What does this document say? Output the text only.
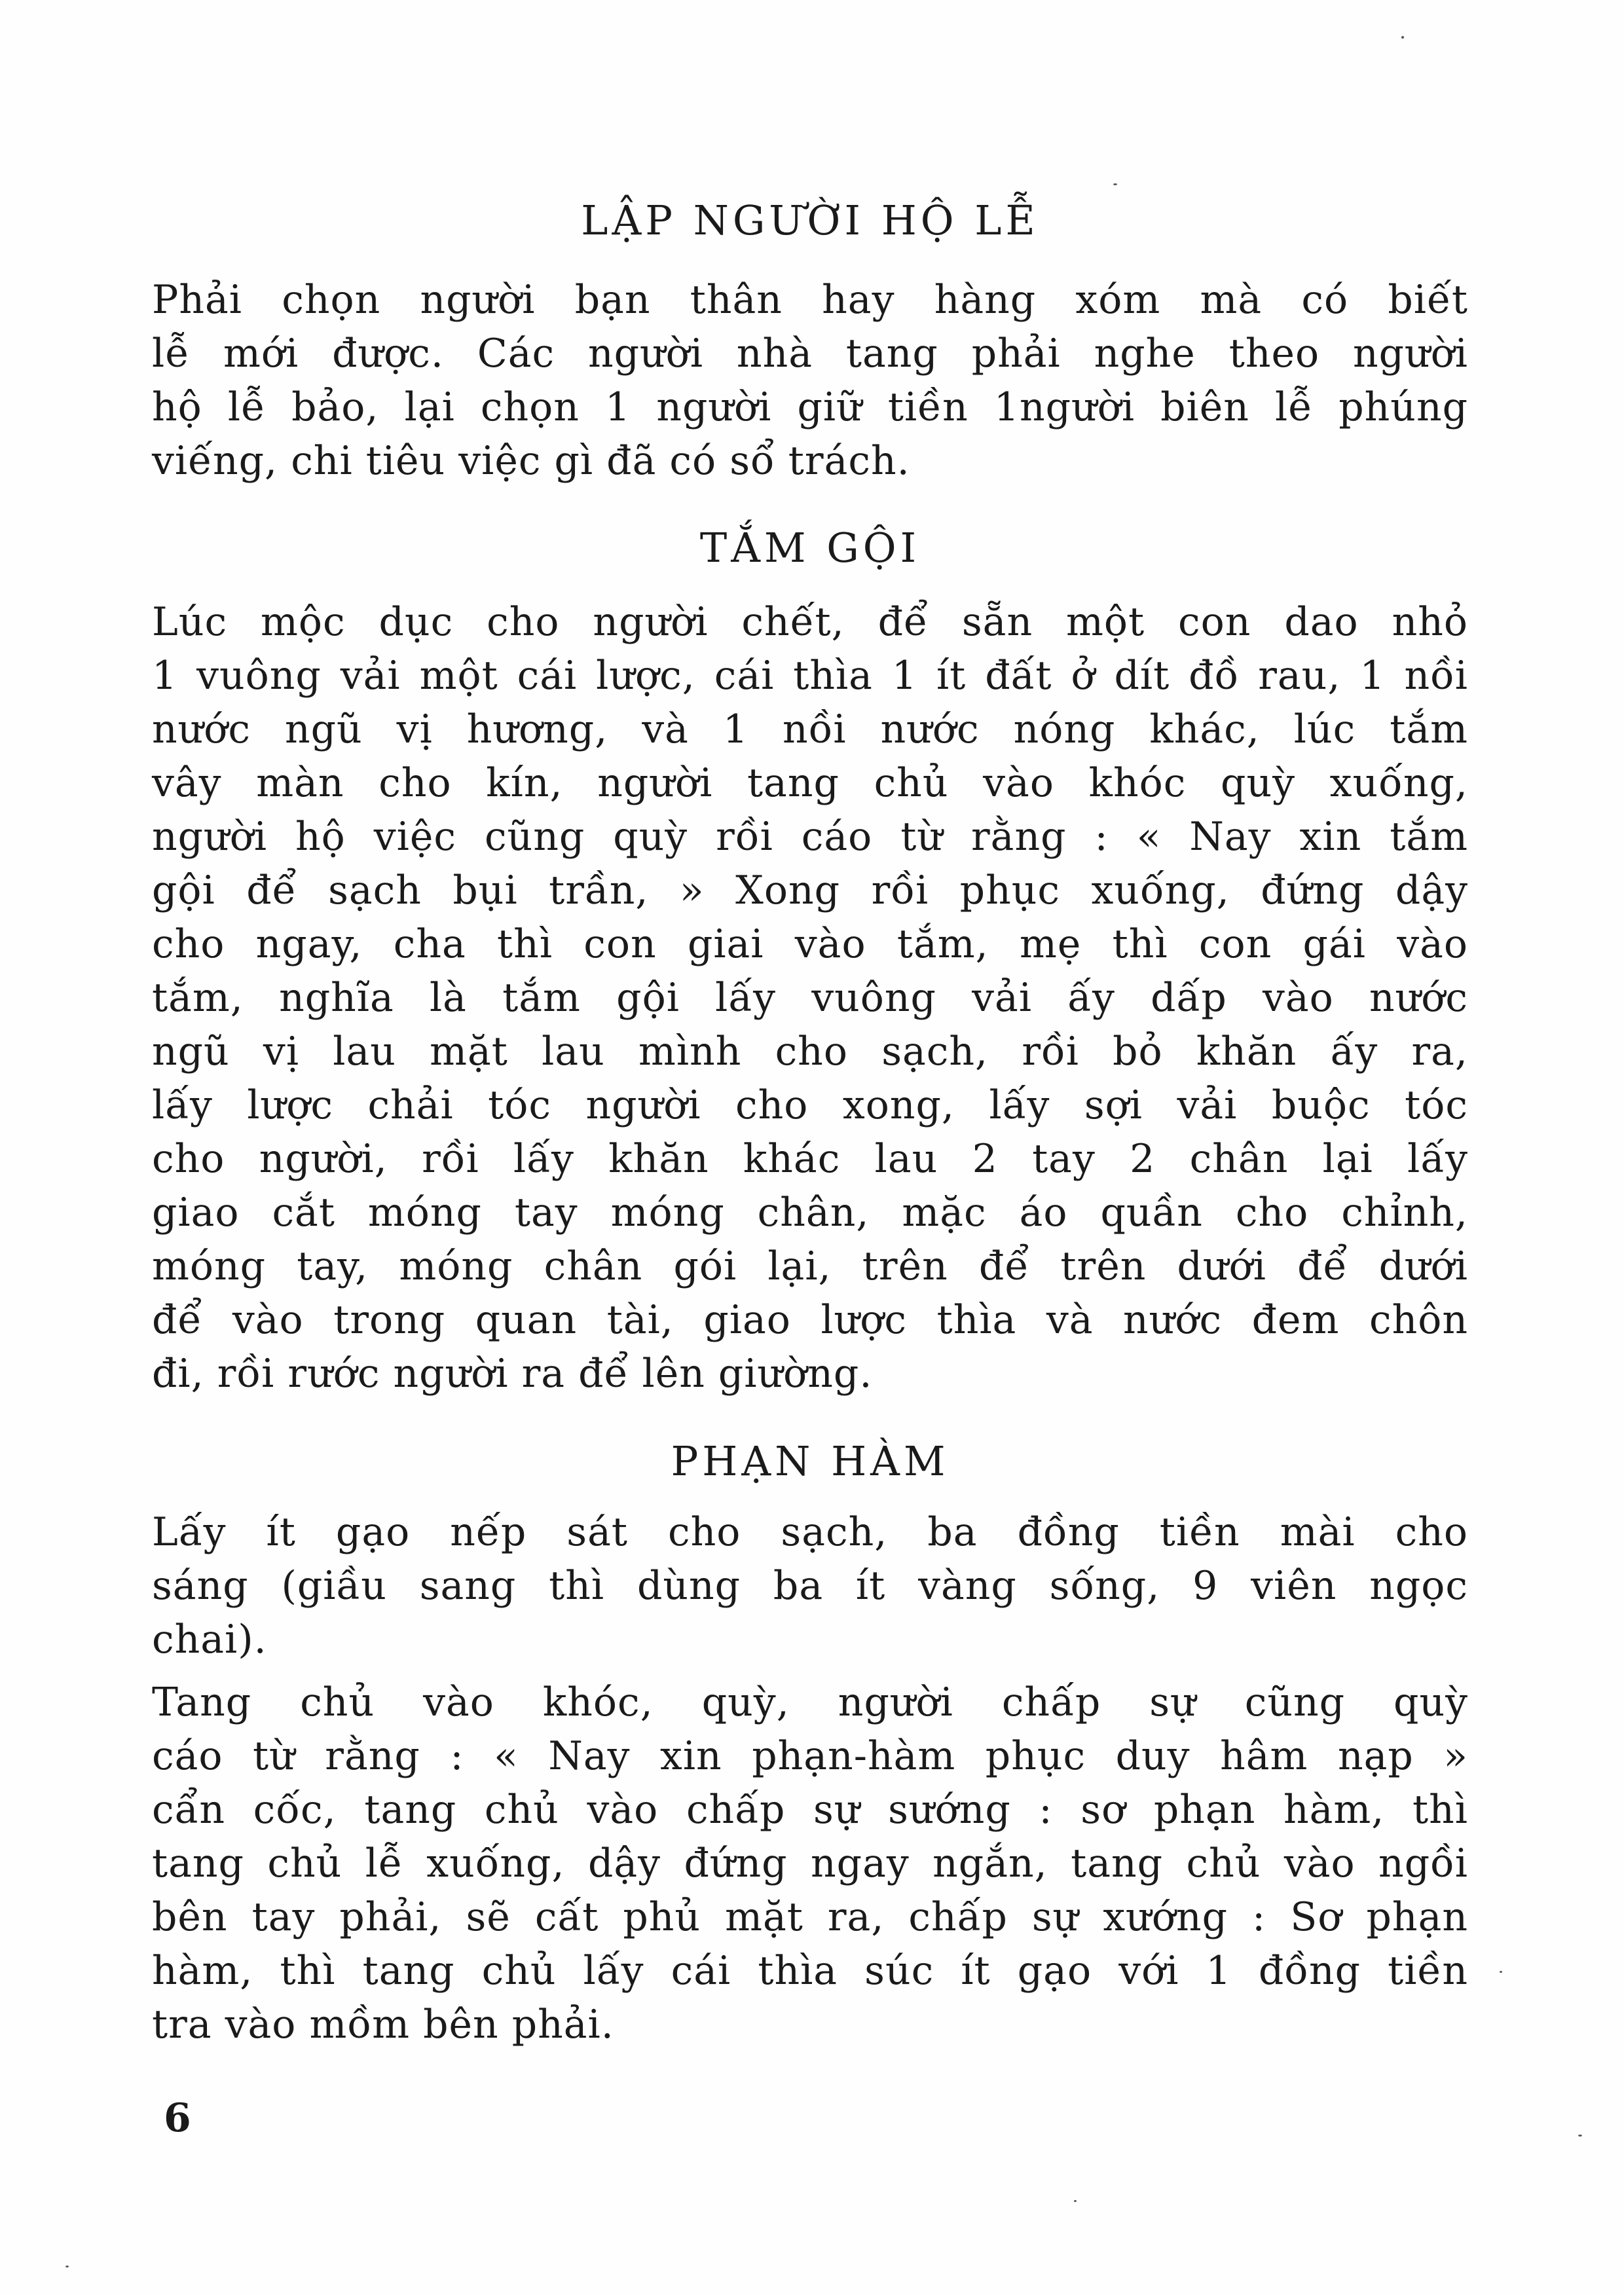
LẬP NGƯỜI HỘ LỄ
Phải chọn người bạn thân hay hàng xóm mà có biết
lễ mới được. Các người nhà tang phải nghe theo người
hộ lễ bảo, lại chọn 1 người giữ tiền 1người biên lễ phúng
viếng, chi tiêu việc gì đã có sổ trách.
TẮM GỘI
Lúc mộc dục cho người chết, để sẵn một con dao nhỏ
1 vuông vải một cái lược, cái thìa 1 ít đất ở dít đồ rau, 1 nồi
nước ngũ vị hương, và 1 nồi nước nóng khác, lúc tắm
vây màn cho kín, người tang chủ vào khóc quỳ xuống,
người hộ việc cũng quỳ rồi cáo từ rằng : « Nay xin tắm
gội để sạch bụi trần, » Xong rồi phục xuống, đứng dậy
cho ngay, cha thì con giai vào tắm, mẹ thì con gái vào
tắm, nghĩa là tắm gội lấy vuông vải ấy dấp vào nước
ngũ vị lau mặt lau mình cho sạch, rồi bỏ khăn ấy ra,
lấy lược chải tóc người cho xong, lấy sợi vải buộc tóc
cho người, rồi lấy khăn khác lau 2 tay 2 chân lại lấy
giao cắt móng tay móng chân, mặc áo quần cho chỉnh,
móng tay, móng chân gói lại, trên để trên dưới để dưới
để vào trong quan tài, giao lược thìa và nước đem chôn
đi, rồi rước người ra để lên giường.
PHẠN HÀM
Lấy ít gạo nếp sát cho sạch, ba đồng tiền mài cho
sáng (giầu sang thì dùng ba ít vàng sống, 9 viên ngọc
chai).
Tang chủ vào khóc, quỳ, người chấp sự cũng quỳ
cáo từ rằng : « Nay xin phạn-hàm phục duy hâm nạp »
cẩn cốc, tang chủ vào chấp sự sướng : sơ phạn hàm, thì
tang chủ lễ xuống, dậy đứng ngay ngắn, tang chủ vào ngồi
bên tay phải, sẽ cất phủ mặt ra, chấp sự xướng : Sơ phạn
hàm, thì tang chủ lấy cái thìa súc ít gạo với 1 đồng tiền
tra vào mồm bên phải.
6
